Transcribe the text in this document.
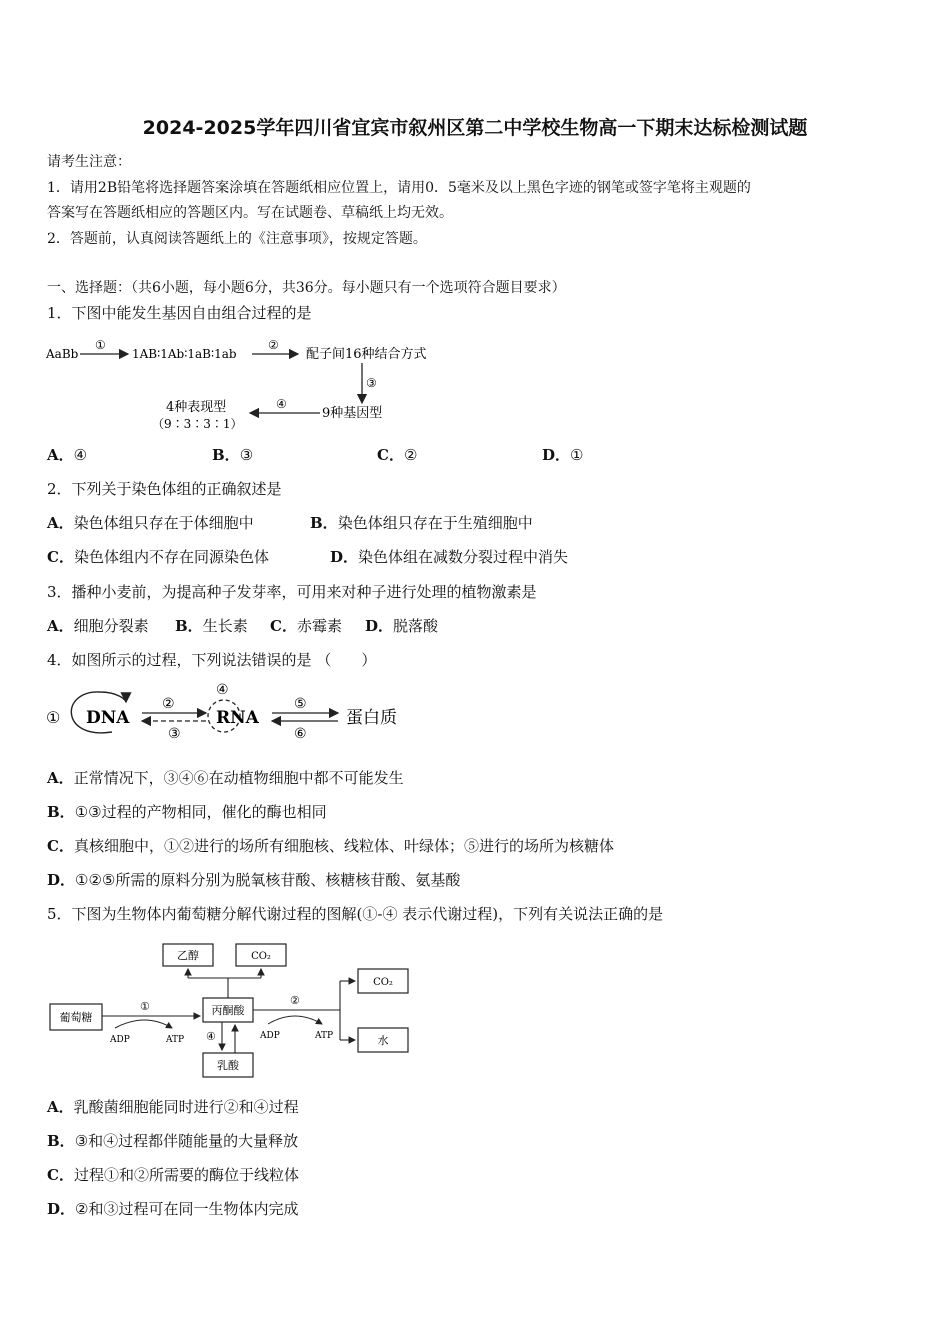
2024-2025学年四川省宜宾市叙州区第二中学校生物高一下期末达标检测试题
请考生注意：
1．请用2B铅笔将选择题答案涂填在答题纸相应位置上，请用0．5毫米及以上黑色字迹的钢笔或签字笔将主观题的
答案写在答题纸相应的答题区内。写在试题卷、草稿纸上均无效。
2．答题前，认真阅读答题纸上的《注意事项》，按规定答题。
一、选择题：（共6小题，每小题6分，共36分。每小题只有一个选项符合题目要求）
1．下图中能发生基因自由组合过程的是
AaBb
①
1AB∶1Ab∶1aB∶1ab
②
配子间16种结合方式
③
9种基因型
④
4种表现型
（9∶3∶3∶1）
A．④	B．③	C．②	D．①
2．下列关于染色体组的正确叙述是
A．染色体组只存在于体细胞中	B．染色体组只存在于生殖细胞中
C．染色体组内不存在同源染色体	D．染色体组在减数分裂过程中消失
3．播种小麦前，为提高种子发芽率，可用来对种子进行处理的植物激素是
A．细胞分裂素 B．生长素 C．赤霉素 D．脱落酸
4．如图所示的过程，下列说法错误的是 （　　）
① DNA
②
③
④
RNA
⑤
⑥
蛋白质
A．正常情况下，③④⑥在动植物细胞中都不可能发生
B．①③过程的产物相同，催化的酶也相同
C．真核细胞中，①②进行的场所有细胞核、线粒体、叶绿体；⑤进行的场所为核糖体
D．①②⑤所需的原料分别为脱氧核苷酸、核糖核苷酸、氨基酸
5．下图为生物体内葡萄糖分解代谢过程的图解(①-④ 表示代谢过程)，下列有关说法正确的是
乙醇	CO₂
葡萄糖
丙酮酸
CO₂
水
乳酸
①
ADP	ATP
②
ADP	ATP
④
A．乳酸菌细胞能同时进行②和④过程
B．③和④过程都伴随能量的大量释放
C．过程①和②所需要的酶位于线粒体
D．②和③过程可在同一生物体内完成
